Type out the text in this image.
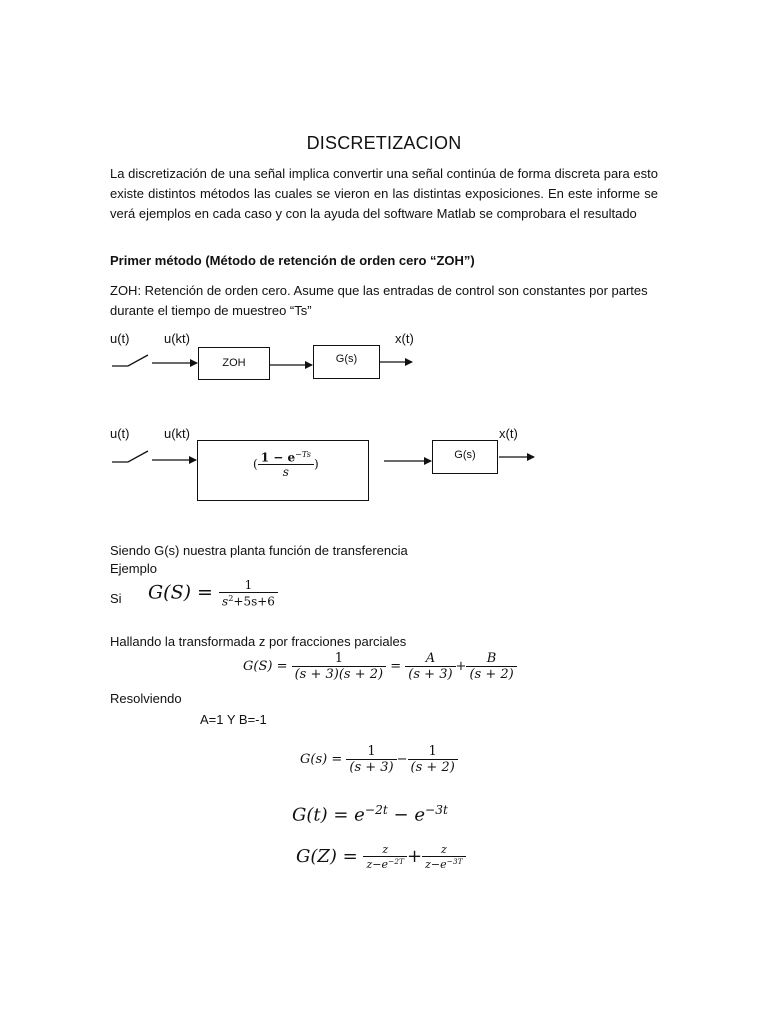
DISCRETIZACION
La discretización de una señal implica convertir una señal continúa de forma discreta para esto existe distintos métodos las cuales se vieron en las distintas exposiciones. En este informe se verá ejemplos en cada caso y con la ayuda del software Matlab se comprobara el resultado
Primer método (Método de retención de orden cero “ZOH”)
ZOH: Retención de orden cero. Asume que las entradas de control son constantes por partes durante el tiempo de muestreo “Ts”
u(t)	u(kt)	x(t)
ZOH	G(s)
u(t)	u(kt)	x(t)
( $\frac{1 - e^{-Ts}}{s}$ )
G(s)
Siendo G(s) nuestra planta función de transferencia
Ejemplo
Si $G(S) = \frac{1}{s^2+5s+6}$
Hallando la transformada z por fracciones parciales
$G(S) = \frac{1}{(s + 3)(s + 2)} = \frac{A}{(s + 3)} + \frac{B}{(s + 2)}$
Resolviendo
A=1 Y B=-1
$G(s) = \frac{1}{(s + 3)} - \frac{1}{(s + 2)}$
$G(t) = e^{-2t} - e^{-3t}$
$G(Z) = \frac{z}{z-e^{-2T}} + \frac{z}{z-e^{-3T}}$
